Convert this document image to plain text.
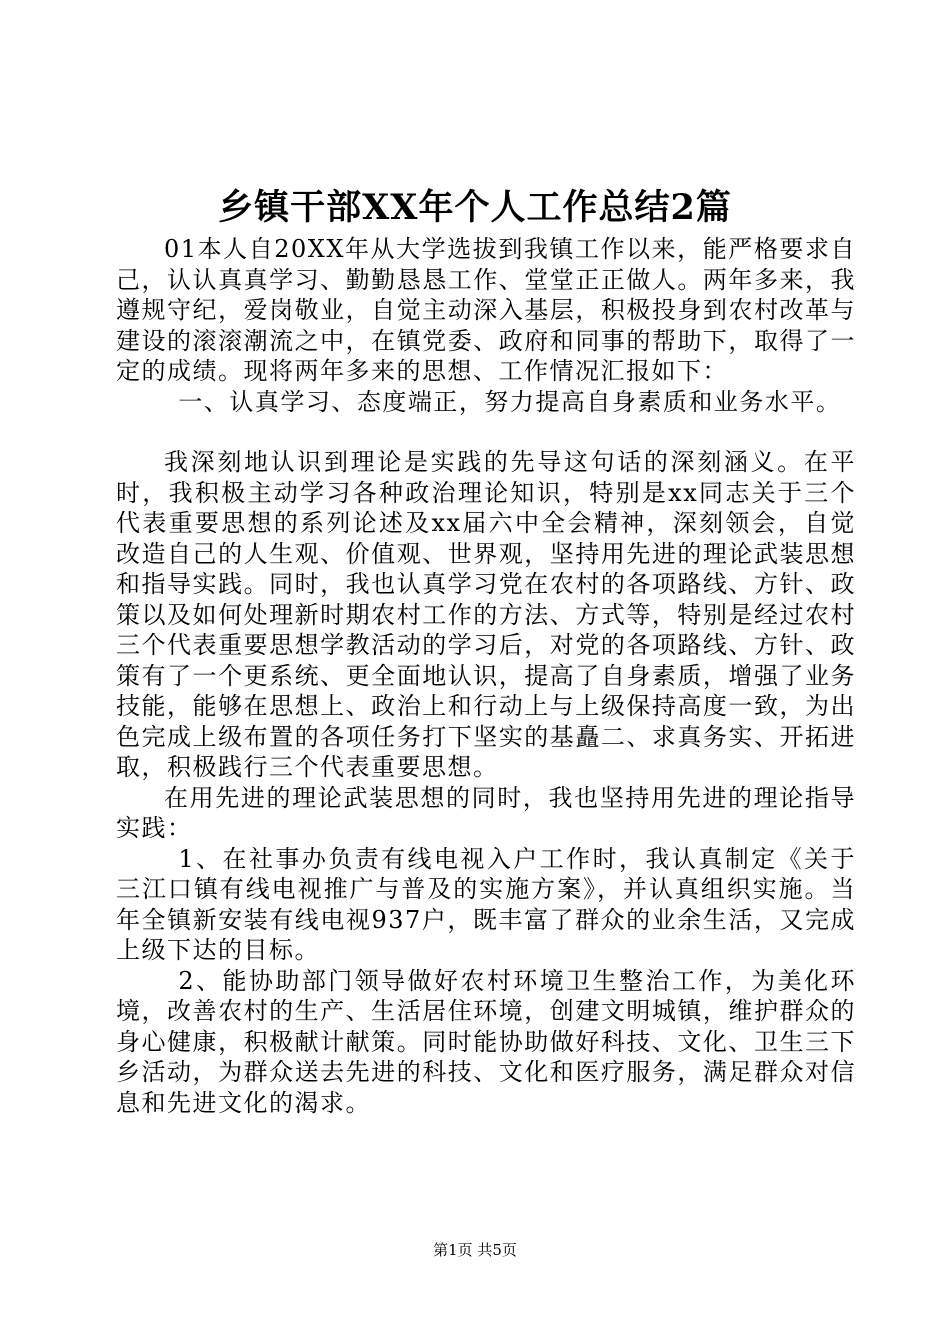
乡镇干部XX年个人工作总结2篇

01本人自20XX年从大学选拔到我镇工作以来，能严格要求自己，认认真真学习、勤勤恳恳工作、堂堂正正做人。两年多来，我遵规守纪，爱岗敬业，自觉主动深入基层，积极投身到农村改革与建设的滚滚潮流之中，在镇党委、政府和同事的帮助下，取得了一定的成绩。现将两年多来的思想、工作情况汇报如下：

一、认真学习、态度端正，努力提高自身素质和业务水平。

我深刻地认识到理论是实践的先导这句话的深刻涵义。在平时，我积极主动学习各种政治理论知识，特别是xx同志关于三个代表重要思想的系列论述及xx届六中全会精神，深刻领会，自觉改造自己的人生观、价值观、世界观，坚持用先进的理论武装思想和指导实践。同时，我也认真学习党在农村的各项路线、方针、政策以及如何处理新时期农村工作的方法、方式等，特别是经过农村三个代表重要思想学教活动的学习后，对党的各项路线、方针、政策有了一个更系统、更全面地认识，提高了自身素质，增强了业务技能，能够在思想上、政治上和行动上与上级保持高度一致，为出色完成上级布置的各项任务打下坚实的基矗二、求真务实、开拓进取，积极践行三个代表重要思想。

在用先进的理论武装思想的同时，我也坚持用先进的理论指导实践：

1、在社事办负责有线电视入户工作时，我认真制定《关于三江口镇有线电视推广与普及的实施方案》，并认真组织实施。当年全镇新安装有线电视937户，既丰富了群众的业余生活，又完成上级下达的目标。

2、能协助部门领导做好农村环境卫生整治工作，为美化环境，改善农村的生产、生活居住环境，创建文明城镇，维护群众的身心健康，积极献计献策。同时能协助做好科技、文化、卫生三下乡活动，为群众送去先进的科技、文化和医疗服务，满足群众对信息和先进文化的渴求。

第1页 共5页
